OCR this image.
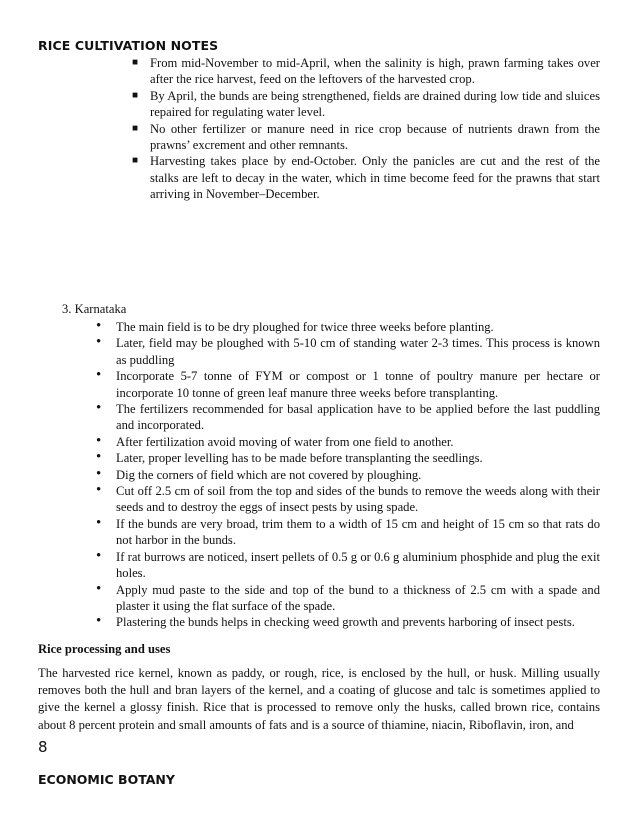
RICE CULTIVATION NOTES
■ From mid-November to mid-April, when the salinity is high, prawn farming takes over after the rice harvest, feed on the leftovers of the harvested crop.
■ By April, the bunds are being strengthened, fields are drained during low tide and sluices repaired for regulating water level.
■ No other fertilizer or manure need in rice crop because of nutrients drawn from the prawns’ excrement and other remnants.
■ Harvesting takes place by end-October. Only the panicles are cut and the rest of the stalks are left to decay in the water, which in time become feed for the prawns that start arriving in November–December.
3. Karnataka
• The main field is to be dry ploughed for twice three weeks before planting.
• Later, field may be ploughed with 5-10 cm of standing water 2-3 times. This process is known as puddling
• Incorporate 5-7 tonne of FYM or compost or 1 tonne of poultry manure per hectare or incorporate 10 tonne of green leaf manure three weeks before transplanting.
• The fertilizers recommended for basal application have to be applied before the last puddling and incorporated.
• After fertilization avoid moving of water from one field to another.
• Later, proper levelling has to be made before transplanting the seedlings.
• Dig the corners of field which are not covered by ploughing.
• Cut off 2.5 cm of soil from the top and sides of the bunds to remove the weeds along with their seeds and to destroy the eggs of insect pests by using spade.
• If the bunds are very broad, trim them to a width of 15 cm and height of 15 cm so that rats do not harbor in the bunds.
• If rat burrows are noticed, insert pellets of 0.5 g or 0.6 g aluminium phosphide and plug the exit holes.
• Apply mud paste to the side and top of the bund to a thickness of 2.5 cm with a spade and plaster it using the flat surface of the spade.
• Plastering the bunds helps in checking weed growth and prevents harboring of insect pests.
Rice processing and uses
The harvested rice kernel, known as paddy, or rough, rice, is enclosed by the hull, or husk. Milling usually removes both the hull and bran layers of the kernel, and a coating of glucose and talc is sometimes applied to give the kernel a glossy finish. Rice that is processed to remove only the husks, called brown rice, contains about 8 percent protein and small amounts of fats and is a source of thiamine, niacin, Riboflavin, iron, and
8
ECONOMIC BOTANY
